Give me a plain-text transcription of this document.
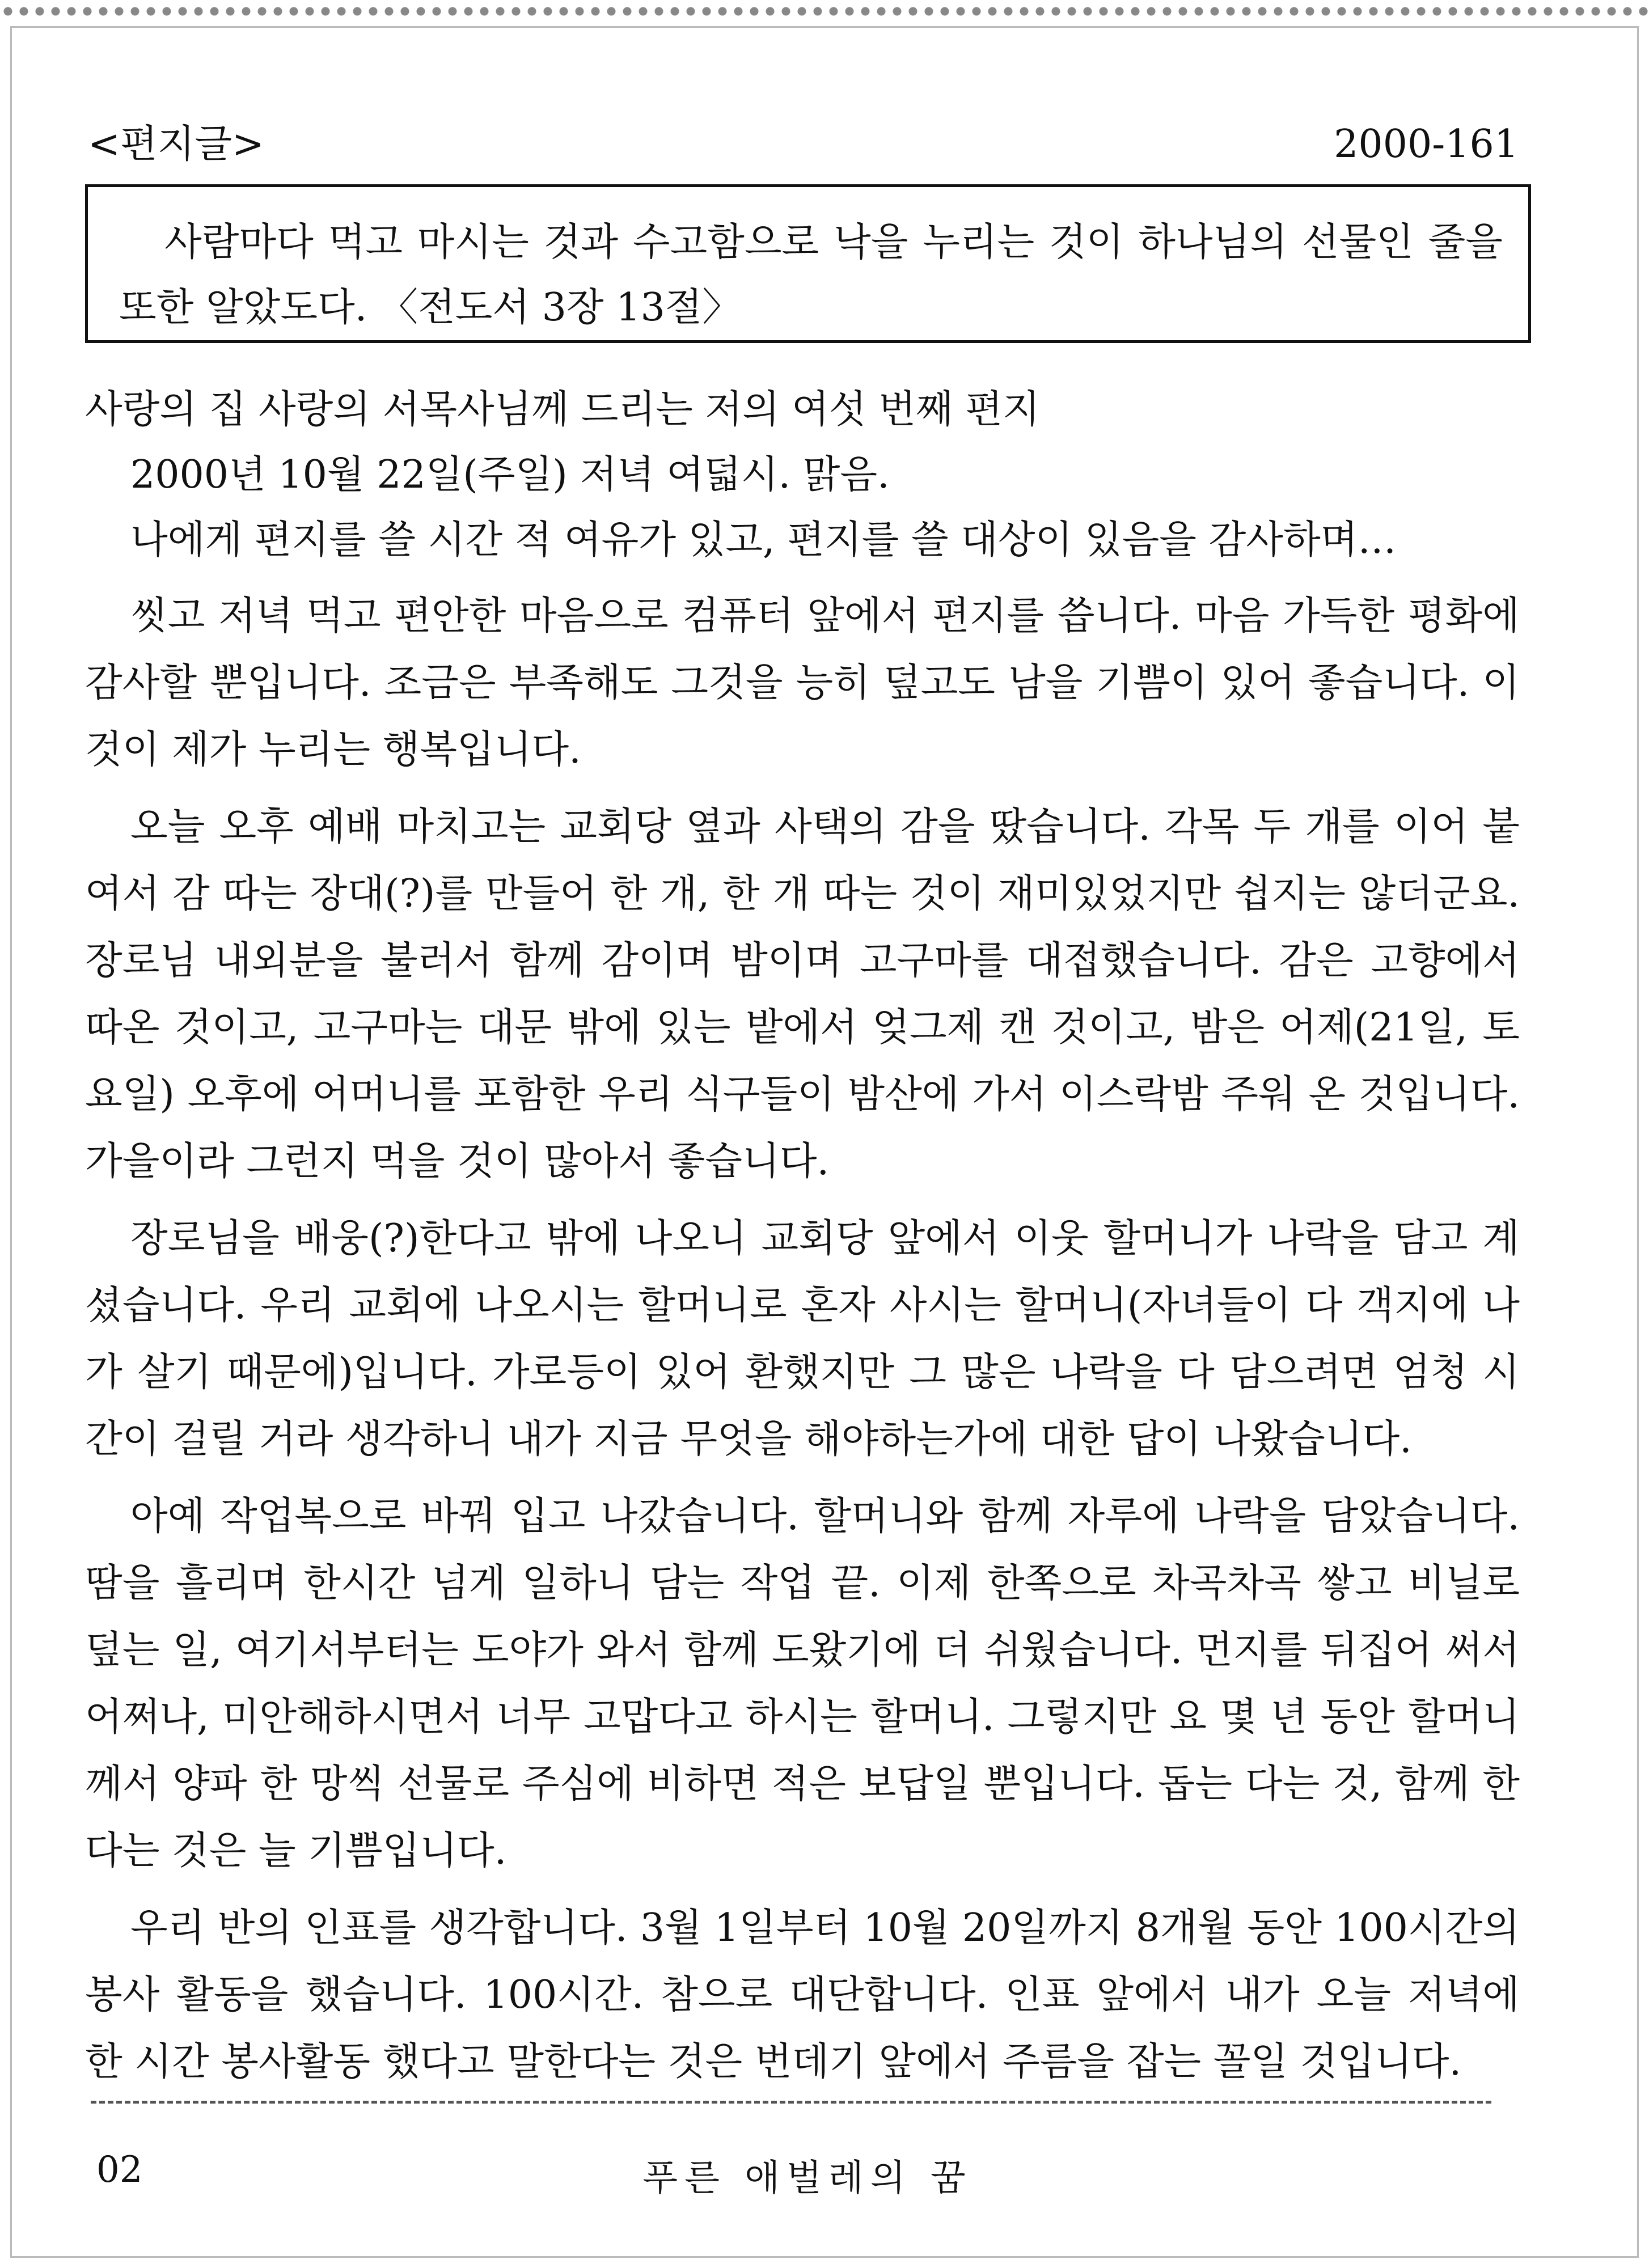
<편지글>	2000-161

사람마다 먹고 마시는 것과 수고함으로 낙을 누리는 것이 하나님의 선물인 줄을 또한 알았도다. 〈전도서 3장 13절〉

사랑의 집 사랑의 서목사님께 드리는 저의 여섯 번째 편지

2000년 10월 22일(주일) 저녁 여덟시. 맑음.

나에게 편지를 쓸 시간 적 여유가 있고, 편지를 쓸 대상이 있음을 감사하며…

씻고 저녁 먹고 편안한 마음으로 컴퓨터 앞에서 편지를 씁니다. 마음 가득한 평화에 감사할 뿐입니다. 조금은 부족해도 그것을 능히 덮고도 남을 기쁨이 있어 좋습니다. 이것이 제가 누리는 행복입니다.

오늘 오후 예배 마치고는 교회당 옆과 사택의 감을 땄습니다. 각목 두 개를 이어 붙여서 감 따는 장대(?)를 만들어 한 개, 한 개 따는 것이 재미있었지만 쉽지는 않더군요. 장로님 내외분을 불러서 함께 감이며 밤이며 고구마를 대접했습니다. 감은 고향에서 따온 것이고, 고구마는 대문 밖에 있는 밭에서 엊그제 캔 것이고, 밤은 어제(21일, 토요일) 오후에 어머니를 포함한 우리 식구들이 밤산에 가서 이스락밤 주워 온 것입니다. 가을이라 그런지 먹을 것이 많아서 좋습니다.

장로님을 배웅(?)한다고 밖에 나오니 교회당 앞에서 이웃 할머니가 나락을 담고 계셨습니다. 우리 교회에 나오시는 할머니로 혼자 사시는 할머니(자녀들이 다 객지에 나가 살기 때문에)입니다. 가로등이 있어 환했지만 그 많은 나락을 다 담으려면 엄청 시간이 걸릴 거라 생각하니 내가 지금 무엇을 해야하는가에 대한 답이 나왔습니다.

아예 작업복으로 바꿔 입고 나갔습니다. 할머니와 함께 자루에 나락을 담았습니다. 땀을 흘리며 한시간 넘게 일하니 담는 작업 끝. 이제 한쪽으로 차곡차곡 쌓고 비닐로 덮는 일, 여기서부터는 도야가 와서 함께 도왔기에 더 쉬웠습니다. 먼지를 뒤집어 써서 어쩌나, 미안해하시면서 너무 고맙다고 하시는 할머니. 그렇지만 요 몇 년 동안 할머니께서 양파 한 망씩 선물로 주심에 비하면 적은 보답일 뿐입니다. 돕는 다는 것, 함께 한다는 것은 늘 기쁨입니다.

우리 반의 인표를 생각합니다. 3월 1일부터 10월 20일까지 8개월 동안 100시간의 봉사 활동을 했습니다. 100시간. 참으로 대단합니다. 인표 앞에서 내가 오늘 저녁에 한 시간 봉사활동 했다고 말한다는 것은 번데기 앞에서 주름을 잡는 꼴일 것입니다.

02	푸른 애벌레의 꿈
